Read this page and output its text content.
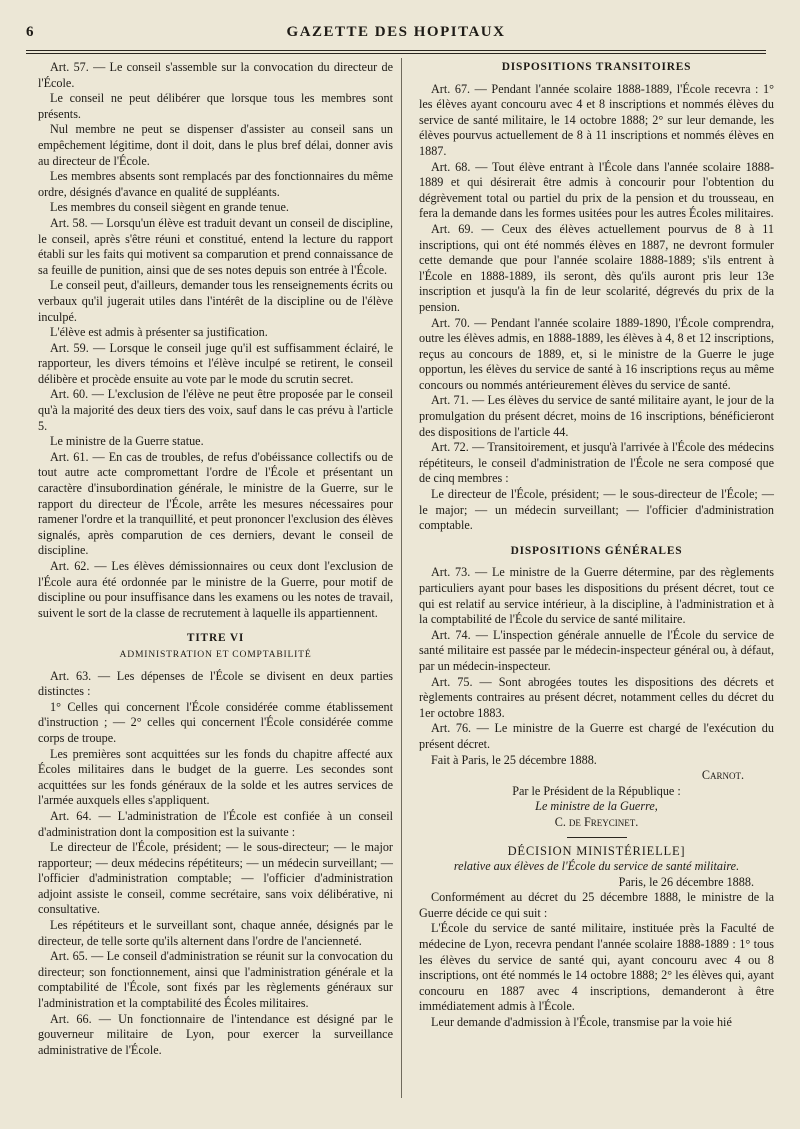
6	GAZETTE DES HOPITAUX

Art. 57. — Le conseil s'assemble sur la convocation du directeur de l'École.

Le conseil ne peut délibérer que lorsque tous les membres sont présents.

Nul membre ne peut se dispenser d'assister au conseil sans un empêchement légitime, dont il doit, dans le plus bref délai, donner avis au directeur de l'École.

Les membres absents sont remplacés par des fonctionnaires du même ordre, désignés d'avance en qualité de suppléants.

Les membres du conseil siègent en grande tenue.

Art. 58. — Lorsqu'un élève est traduit devant un conseil de discipline, le conseil, après s'être réuni et constitué, entend la lecture du rapport établi sur les faits qui motivent sa comparution et prend connaissance de sa feuille de punition, ainsi que de ses notes depuis son entrée à l'École.

Le conseil peut, d'ailleurs, demander tous les renseignements écrits ou verbaux qu'il jugerait utiles dans l'intérêt de la discipline ou de l'élève inculpé.

L'élève est admis à présenter sa justification.

Art. 59. — Lorsque le conseil juge qu'il est suffisamment éclairé, le rapporteur, les divers témoins et l'élève inculpé se retirent, le conseil délibère et procède ensuite au vote par le mode du scrutin secret.

Art. 60. — L'exclusion de l'élève ne peut être proposée par le conseil qu'à la majorité des deux tiers des voix, sauf dans le cas prévu à l'article 5.

Le ministre de la Guerre statue.

Art. 61. — En cas de troubles, de refus d'obéissance collectifs ou de tout autre acte compromettant l'ordre de l'École et présentant un caractère d'insubordination générale, le ministre de la Guerre, sur le rapport du directeur de l'École, arrête les mesures nécessaires pour ramener l'ordre et la tranquillité, et peut prononcer l'exclusion des élèves signalés, après comparution de ces derniers, devant le conseil de discipline.

Art. 62. — Les élèves démissionnaires ou ceux dont l'exclusion de l'École aura été ordonnée par le ministre de la Guerre, pour motif de discipline ou pour insuffisance dans les examens ou les notes de travail, suivent le sort de la classe de recrutement à laquelle ils appartiennent.

TITRE VI

ADMINISTRATION ET COMPTABILITÉ

Art. 63. — Les dépenses de l'École se divisent en deux parties distinctes :

1° Celles qui concernent l'École considérée comme établissement d'instruction ; — 2° celles qui concernent l'École considérée comme corps de troupe.

Les premières sont acquittées sur les fonds du chapitre affecté aux Écoles militaires dans le budget de la guerre. Les secondes sont acquittées sur les fonds généraux de la solde et les autres services de l'armée auxquels elles s'appliquent.

Art. 64. — L'administration de l'École est confiée à un conseil d'administration dont la composition est la suivante :

Le directeur de l'École, président; — le sous-directeur; — le major rapporteur; — deux médecins répétiteurs; — un médecin surveillant; — l'officier d'administration comptable; — l'officier d'administration adjoint assiste le conseil, comme secrétaire, sans voix délibérative, ni consultative.

Les répétiteurs et le surveillant sont, chaque année, désignés par le directeur, de telle sorte qu'ils alternent dans l'ordre de l'ancienneté.

Art. 65. — Le conseil d'administration se réunit sur la convocation du directeur; son fonctionnement, ainsi que l'administration générale et la comptabilité de l'École, sont fixés par les règlements généraux sur l'administration et la comptabilité des Écoles militaires.

Art. 66. — Un fonctionnaire de l'intendance est désigné par le gouverneur militaire de Lyon, pour exercer la surveillance administrative de l'École.

DISPOSITIONS TRANSITOIRES

Art. 67. — Pendant l'année scolaire 1888-1889, l'École recevra : 1° les élèves ayant concouru avec 4 et 8 inscriptions et nommés élèves du service de santé militaire, le 14 octobre 1888; 2° sur leur demande, les élèves pourvus actuellement de 8 à 11 inscriptions et nommés élèves en 1887.

Art. 68. — Tout élève entrant à l'École dans l'année scolaire 1888-1889 et qui désirerait être admis à concourir pour l'obtention du dégrèvement total ou partiel du prix de la pension et du trousseau, en fera la demande dans les formes usitées pour les autres Écoles militaires.

Art. 69. — Ceux des élèves actuellement pourvus de 8 à 11 inscriptions, qui ont été nommés élèves en 1887, ne devront formuler cette demande que pour l'année scolaire 1888-1889; s'ils entrent à l'École en 1888-1889, ils seront, dès qu'ils auront pris leur 13e inscription et jusqu'à la fin de leur scolarité, dégrevés du prix de la pension.

Art. 70. — Pendant l'année scolaire 1889-1890, l'École comprendra, outre les élèves admis, en 1888-1889, les élèves à 4, 8 et 12 inscriptions, reçus au concours de 1889, et, si le ministre de la Guerre le juge opportun, les élèves du service de santé à 16 inscriptions reçus au même concours ou nommés antérieurement élèves du service de santé.

Art. 71. — Les élèves du service de santé militaire ayant, le jour de la promulgation du présent décret, moins de 16 inscriptions, bénéficieront des dispositions de l'article 44.

Art. 72. — Transitoirement, et jusqu'à l'arrivée à l'École des médecins répétiteurs, le conseil d'administration de l'École ne sera composé que de cinq membres :

Le directeur de l'École, président; — le sous-directeur de l'École; — le major; — un médecin surveillant; — l'officier d'administration comptable.

DISPOSITIONS GÉNÉRALES

Art. 73. — Le ministre de la Guerre détermine, par des règlements particuliers ayant pour bases les dispositions du présent décret, tout ce qui est relatif au service intérieur, à la discipline, à l'administration et à la comptabilité de l'École du service de santé militaire.

Art. 74. — L'inspection générale annuelle de l'École du service de santé militaire est passée par le médecin-inspecteur général ou, à défaut, par un médecin-inspecteur.

Art. 75. — Sont abrogées toutes les dispositions des décrets et règlements contraires au présent décret, notamment celles du décret du 1er octobre 1883.

Art. 76. — Le ministre de la Guerre est chargé de l'exécution du présent décret.

Fait à Paris, le 25 décembre 1888.

Carnot.

Par le Président de la République :

Le ministre de la Guerre,

C. de Freycinet.

DÉCISION MINISTÉRIELLE]

relative aux élèves de l'École du service de santé militaire.

Paris, le 26 décembre 1888.

Conformément au décret du 25 décembre 1888, le ministre de la Guerre décide ce qui suit :

L'École du service de santé militaire, instituée près la Faculté de médecine de Lyon, recevra pendant l'année scolaire 1888-1889 : 1° tous les élèves du service de santé qui, ayant concouru avec 4 ou 8 inscriptions, ont été nommés le 14 octobre 1888; 2° les élèves qui, ayant concouru en 1887 avec 4 inscriptions, demanderont à être immédiatement admis à l'École.

Leur demande d'admission à l'École, transmise par la voie hié
